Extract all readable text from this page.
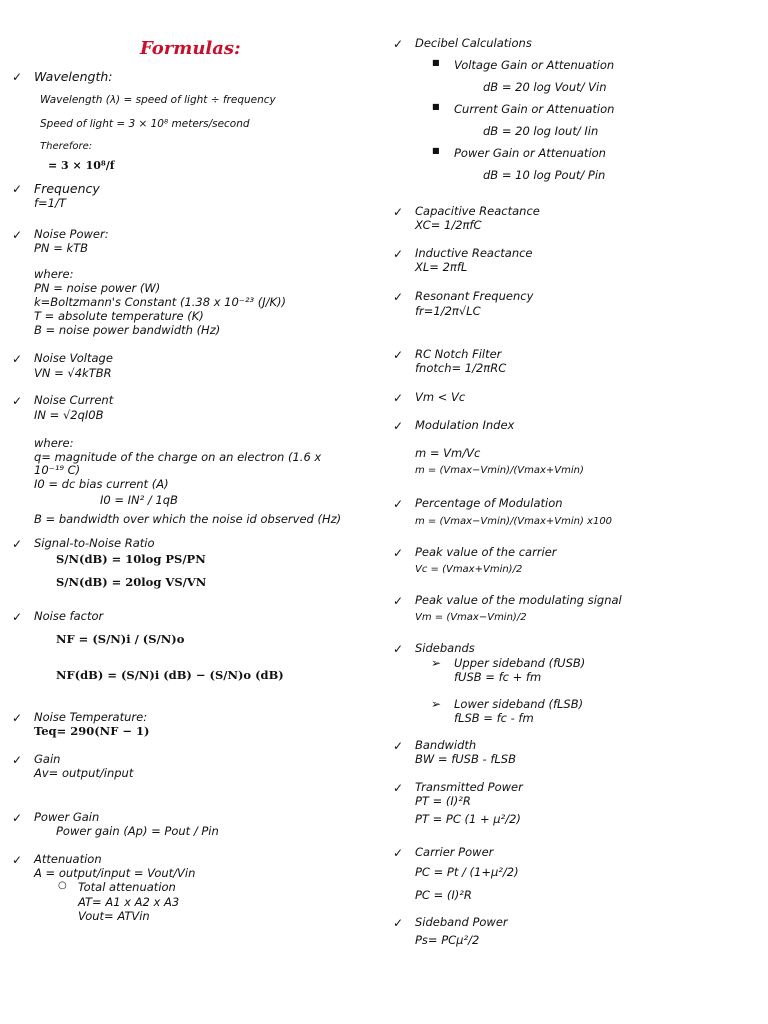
Formulas:
✓ Wavelength:
Wavelength (λ) = speed of light ÷ frequency
Speed of light = 3 × 10⁸ meters/second
Therefore:
= 3 × 10⁸/f
✓ Frequency
f=1/T
✓ Noise Power:
PN = kTB
where:
PN = noise power (W)
k=Boltzmann's Constant (1.38 x 10⁻²³ (J/K))
T = absolute temperature (K)
B = noise power bandwidth (Hz)
✓ Noise Voltage
VN = √4kTBR
✓ Noise Current
IN = √2qI0B
where:
q= magnitude of the charge on an electron (1.6 x
10⁻¹⁹ C)
I0 = dc bias current (A)
I0 = IN² / 1qB
B = bandwidth over which the noise id observed (Hz)
✓ Signal-to-Noise Ratio
S/N(dB) = 10log PS/PN
S/N(dB) = 20log VS/VN
✓ Noise factor
NF = (S/N)i / (S/N)o
NF(dB) = (S/N)i (dB) − (S/N)o (dB)
✓ Noise Temperature:
Teq= 290(NF − 1)
✓ Gain
Av= output/input
✓ Power Gain
Power gain (Ap) = Pout / Pin
✓ Attenuation
A = output/input = Vout/Vin
○ Total attenuation
AT= A1 x A2 x A3
Vout= ATVin
✓ Decibel Calculations
■ Voltage Gain or Attenuation
dB = 20 log Vout/ Vin
■ Current Gain or Attenuation
dB = 20 log Iout/ Iin
■ Power Gain or Attenuation
dB = 10 log Pout/ Pin
✓ Capacitive Reactance
XC= 1/2πfC
✓ Inductive Reactance
XL= 2πfL
✓ Resonant Frequency
fr=1/2π√LC
✓ RC Notch Filter
fnotch= 1/2πRC
✓ Vm < Vc
✓ Modulation Index
m = Vm/Vc
m = (Vmax−Vmin)/(Vmax+Vmin)
✓ Percentage of Modulation
m = (Vmax−Vmin)/(Vmax+Vmin) x100
✓ Peak value of the carrier
Vc = (Vmax+Vmin)/2
✓ Peak value of the modulating signal
Vm = (Vmax−Vmin)/2
✓ Sidebands
➢ Upper sideband (fUSB)
fUSB = fc + fm
➢ Lower sideband (fLSB)
fLSB = fc - fm
✓ Bandwidth
BW = fUSB - fLSB
✓ Transmitted Power
PT = (I)²R
PT = PC (1 + μ²/2)
✓ Carrier Power
PC = Pt / (1+μ²/2)
PC = (I)²R
✓ Sideband Power
Ps= PCμ²/2
